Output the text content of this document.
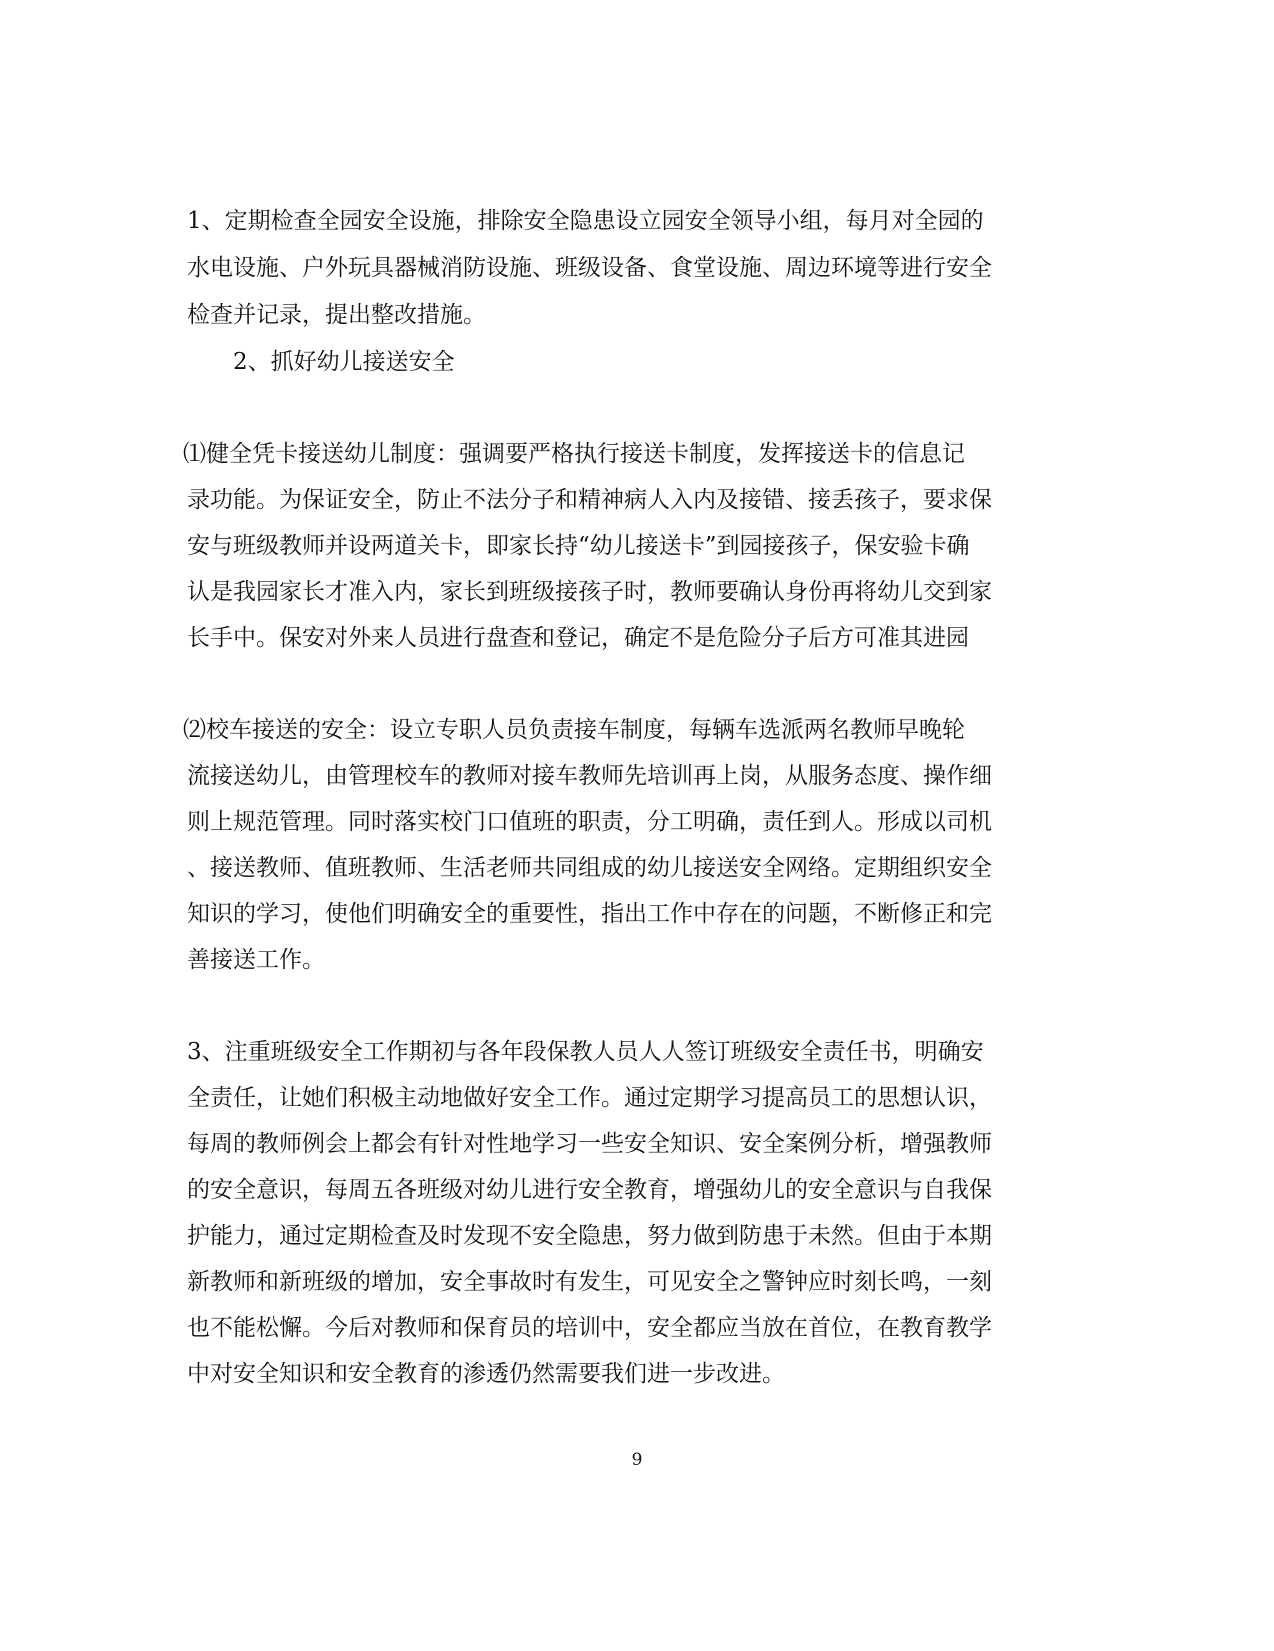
1、定期检查全园安全设施，排除安全隐患设立园安全领导小组，每月对全园的
水电设施、户外玩具器械消防设施、班级设备、食堂设施、周边环境等进行安全
检查并记录，提出整改措施。
2、抓好幼儿接送安全
⑴健全凭卡接送幼儿制度：强调要严格执行接送卡制度，发挥接送卡的信息记
录功能。为保证安全，防止不法分子和精神病人入内及接错、接丢孩子，要求保
安与班级教师并设两道关卡，即家长持“幼儿接送卡”到园接孩子，保安验卡确
认是我园家长才准入内，家长到班级接孩子时，教师要确认身份再将幼儿交到家
长手中。保安对外来人员进行盘查和登记，确定不是危险分子后方可准其进园
⑵校车接送的安全：设立专职人员负责接车制度，每辆车选派两名教师早晚轮
流接送幼儿，由管理校车的教师对接车教师先培训再上岗，从服务态度、操作细
则上规范管理。同时落实校门口值班的职责，分工明确，责任到人。形成以司机
、接送教师、值班教师、生活老师共同组成的幼儿接送安全网络。定期组织安全
知识的学习，使他们明确安全的重要性，指出工作中存在的问题，不断修正和完
善接送工作。
3、注重班级安全工作期初与各年段保教人员人人签订班级安全责任书，明确安
全责任，让她们积极主动地做好安全工作。通过定期学习提高员工的思想认识，
每周的教师例会上都会有针对性地学习一些安全知识、安全案例分析，增强教师
的安全意识，每周五各班级对幼儿进行安全教育，增强幼儿的安全意识与自我保
护能力，通过定期检查及时发现不安全隐患，努力做到防患于未然。但由于本期
新教师和新班级的增加，安全事故时有发生，可见安全之警钟应时刻长鸣，一刻
也不能松懈。今后对教师和保育员的培训中，安全都应当放在首位，在教育教学
中对安全知识和安全教育的渗透仍然需要我们进一步改进。
9
